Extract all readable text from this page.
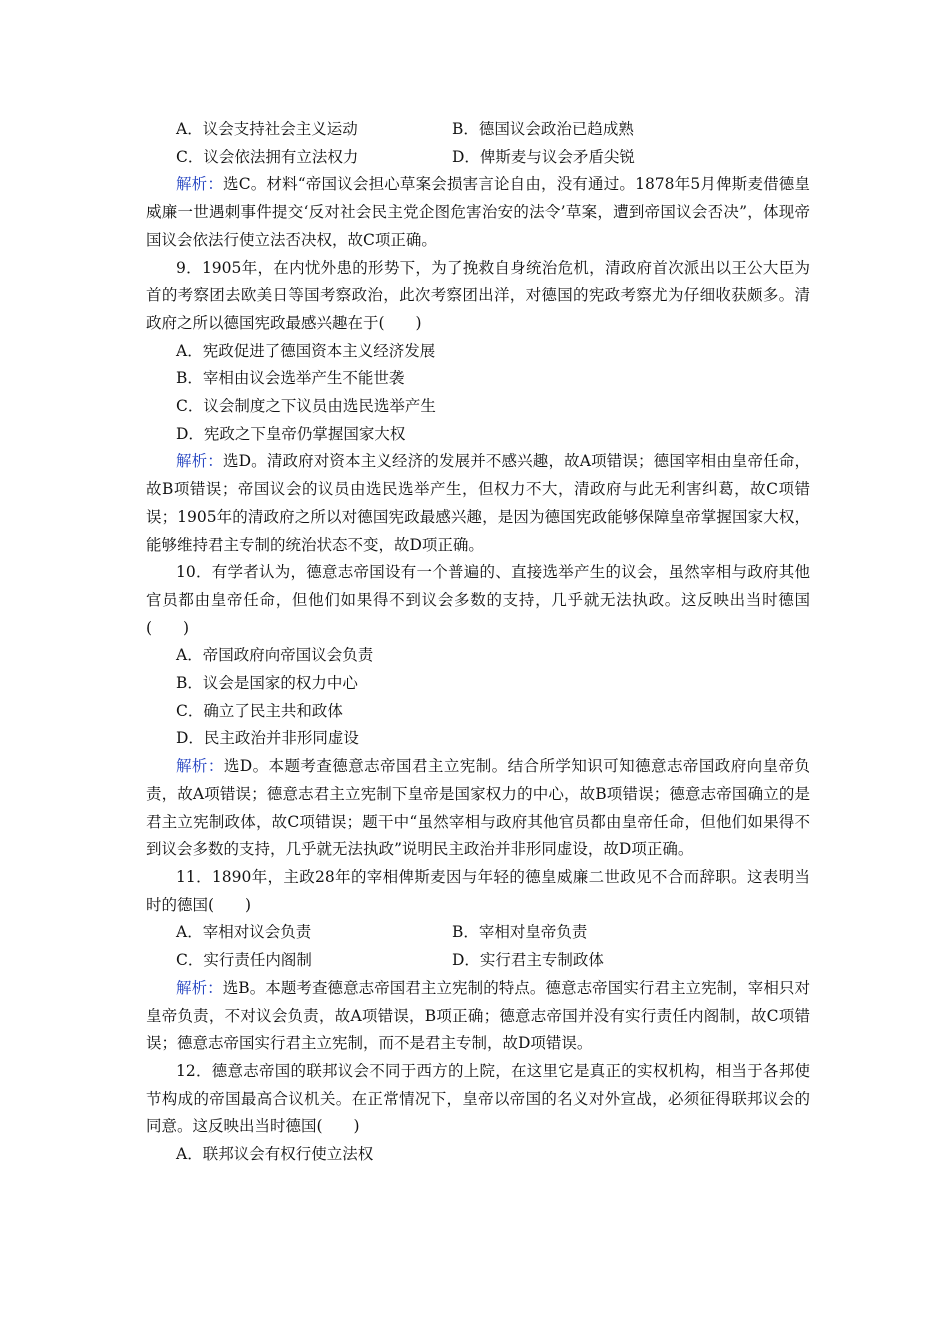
A．议会支持社会主义运动	B．德国议会政治已趋成熟
C．议会依法拥有立法权力	D．俾斯麦与议会矛盾尖锐
解析：选C。材料“帝国议会担心草案会损害言论自由，没有通过。1878年5月俾斯麦借德皇威廉一世遇刺事件提交‘反对社会民主党企图危害治安的法令’草案，遭到帝国议会否决”，体现帝国议会依法行使立法否决权，故C项正确。
9．1905年，在内忧外患的形势下，为了挽救自身统治危机，清政府首次派出以王公大臣为首的考察团去欧美日等国考察政治，此次考察团出洋，对德国的宪政考察尤为仔细收获颇多。清政府之所以德国宪政最感兴趣在于(　　)
A．宪政促进了德国资本主义经济发展
B．宰相由议会选举产生不能世袭
C．议会制度之下议员由选民选举产生
D．宪政之下皇帝仍掌握国家大权
解析：选D。清政府对资本主义经济的发展并不感兴趣，故A项错误；德国宰相由皇帝任命，故B项错误；帝国议会的议员由选民选举产生，但权力不大，清政府与此无利害纠葛，故C项错误；1905年的清政府之所以对德国宪政最感兴趣，是因为德国宪政能够保障皇帝掌握国家大权，能够维持君主专制的统治状态不变，故D项正确。
10．有学者认为，德意志帝国设有一个普遍的、直接选举产生的议会，虽然宰相与政府其他官员都由皇帝任命，但他们如果得不到议会多数的支持，几乎就无法执政。这反映出当时德国(　　)
A．帝国政府向帝国议会负责
B．议会是国家的权力中心
C．确立了民主共和政体
D．民主政治并非形同虚设
解析：选D。本题考查德意志帝国君主立宪制。结合所学知识可知德意志帝国政府向皇帝负责，故A项错误；德意志君主立宪制下皇帝是国家权力的中心，故B项错误；德意志帝国确立的是君主立宪制政体，故C项错误；题干中“虽然宰相与政府其他官员都由皇帝任命，但他们如果得不到议会多数的支持，几乎就无法执政”说明民主政治并非形同虚设，故D项正确。
11．1890年，主政28年的宰相俾斯麦因与年轻的德皇威廉二世政见不合而辞职。这表明当时的德国(　　)
A．宰相对议会负责	B．宰相对皇帝负责
C．实行责任内阁制	D．实行君主专制政体
解析：选B。本题考查德意志帝国君主立宪制的特点。德意志帝国实行君主立宪制，宰相只对皇帝负责，不对议会负责，故A项错误，B项正确；德意志帝国并没有实行责任内阁制，故C项错误；德意志帝国实行君主立宪制，而不是君主专制，故D项错误。
12．德意志帝国的联邦议会不同于西方的上院，在这里它是真正的实权机构，相当于各邦使节构成的帝国最高合议机关。在正常情况下，皇帝以帝国的名义对外宣战，必须征得联邦议会的同意。这反映出当时德国(　　)
A．联邦议会有权行使立法权
